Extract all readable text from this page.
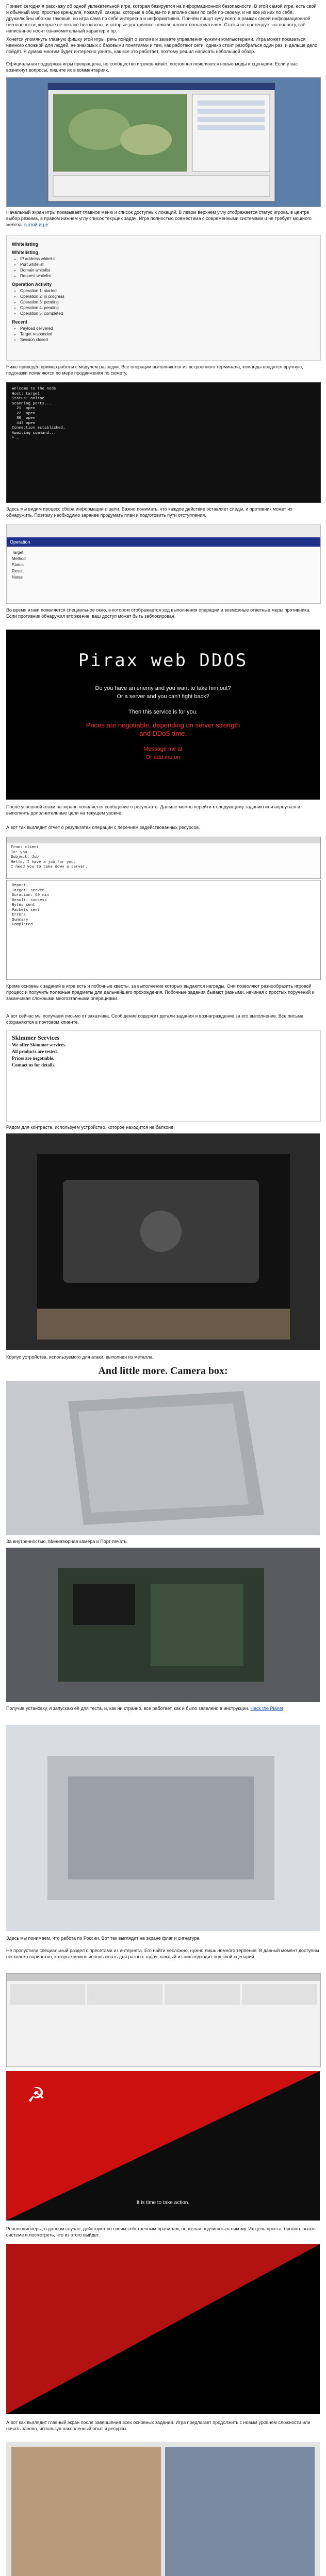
Привет, сегодня я расскажу об одной увлекательной игре, которая базируется на информационной безопасности. В этой самой игре, есть свой и обычный мир, простые кренделя, пожалуй, хакеры, которые в общем-то и вполне сами по себе по-своему, и не все из них по себе, дружелюбны ибо как таковые, но игра сама по себе интересна и информативна. Причём пишут кучу всего в рамках своей информационной безопасности, которые не вполне безопасны, и которые доставляют немало хлопот пользователям. Статья не претендует на полноту, всё написанное носит ознакомительный характер и пр.

Хочется упомянуть главную фишку этой игры, речь пойдёт о взломе и захвате управления чужими компьютерами. Игра может показаться немного сложной для людей, не знакомых с базовыми понятиями и тем, как работают сети, однако стоит разобраться один раз, и дальше дело пойдёт. Я думаю многим будет интересно узнать, как все это работает, поэтому решил написать небольшой обзор.

Официальная поддержка игры прекращена, но сообщество игроков живёт, постоянно появляются новые моды и сценарии. Если у вас возникнут вопросы, пишите их в комментариях.

Начальный экран игры показывает главное меню и список доступных локаций. В левом верхнем углу отображается статус игрока, в центре выбор режима, в правом нижнем углу список текущих задач. Игра полностью совместима с современными системами и не требует мощного железа. в этой игре

Whitelisting
Whitelisting
• IP address whitelist
• Port whitelist
• Domain whitelist
• Request whitelist
Operation Activity
• Operation 1: started
• Operation 2: in progress
• Operation 3: pending
• Operation 4: pending
• Operation 5: completed
Recent
• Payload delivered
• Target responded
• Session closed

Ниже приведён пример работы с модулем разведки. Все операции выполняются из встроенного терминала, команды вводятся вручную, подсказки появляются по мере продвижения по сюжету.

Welcome to the node
Host: target
Status: online
Scanning ports...
21  open
22  open
80  open
443 open
Connection established.
Awaiting command...
> _

Здесь мы видим процесс сбора информации о цели. Важно понимать, что каждое действие оставляет следы, и противник может их обнаружить. Поэтому необходимо заранее продумать план и подготовить пути отступления.

Operation
Target
Method
Status
Result
Notes

Во время атаки появляется специальное окно, в котором отображается ход выполнения операции и возможные ответные меры противника. Если противник обнаружил вторжение, ваш доступ может быть заблокирован.

Pirax web DDOS
Do you have an enemy and you want to take him out?
Or a server and you can't fight back?
Then this service is for you.
Prices are negotiable, depending on server strength
and DDoS time.
Message me at
Or add me on

После успешной атаки на экране появляется сообщение о результате. Дальше можно перейти к следующему заданию или вернуться и выполнить дополнительные цели на текущем уровне.

А вот так выглядит отчёт о результатах операции с перечнем задействованных ресурсов.

From: client
To: you
Subject: Job
Hello, I have a job for you.
I need you to take down a server.
Report:
Target: server
Duration: 60 min
Result: success
Bytes sent
Packets sent
Errors
Summary
Completed

Кроме основных заданий в игре есть и побочные квесты, за выполнение которых выдаются награды. Они позволяют разнообразить игровой процесс и получить полезные предметы для дальнейшего прохождения. Побочные задания бывают разными, начиная с простых поручений и заканчивая сложными многоэтапными операциями.

А вот сейчас мы получаем письмо от заказчика. Сообщение содержит детали задания и вознаграждение за его выполнение. Все письма сохраняются в почтовом клиенте.

Skimmer Services
We offer Skimmer services.
All products are tested.
Prices are negotiable.
Contact us for details.

Рядом для контраста, используем устройство, которое находится на балконе.

Корпус устройства, используемого для атаки, выполнен из металла.

And little more. Camera box:

За внутренностью, Миниатюрная камера и Порт печать.

Получив установку, я запускаю её для теста, и, как ни странно, все работает, как и было заявлено в инструкции. Hack the Planet

Здесь мы понимаем, что работа по России. Вот так выглядит на экране флаг и сигнатура.

Не пропустили специальный раздел с пресетами из интернета. Его найти несложно, нужно лишь немного терпения. В данный момент доступны несколько вариантов, которые можно использовать для разных задач, каждый из них подходит под свой сценарий.

☭
It is time to take action.

Революционеры, в данном случае, действуют по своим собственным правилам, не желая подчиняться никому. Их цель проста: бросить вызов системе и посмотреть, что из этого выйдет.

А вот как выглядит главный экран после завершения всех основных заданий. Игра предлагает продолжить с новым уровнем сложности или начать заново, используя накопленный опыт и ресурсы.
